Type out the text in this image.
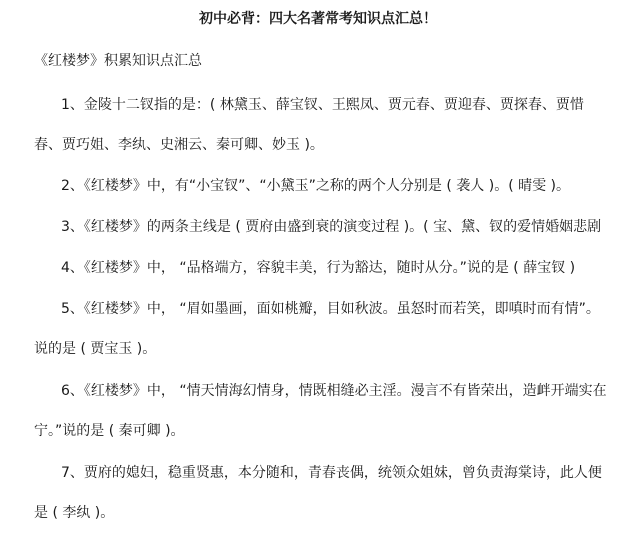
初中必背：四大名著常考知识点汇总！
《红楼梦》积累知识点汇总
1、金陵十二钗指的是：( 林黛玉、薛宝钗、王熙凤、贾元春、贾迎春、贾探春、贾惜
春、贾巧姐、李纨、史湘云、秦可卿、妙玉 )。
2、《红楼梦》中，有“小宝钗”、“小黛玉”之称的两个人分别是 ( 袭人 )。( 晴雯 )。
3、《红楼梦》的两条主线是 ( 贾府由盛到衰的演变过程 )。( 宝、黛、钗的爱情婚姻悲剧
4、《红楼梦》中， “品格端方，容貌丰美，行为豁达，随时从分。”说的是 ( 薛宝钗 )
5、《红楼梦》中， “眉如墨画，面如桃瓣，目如秋波。虽怒时而若笑，即嗔时而有情”。
说的是 ( 贾宝玉 )。
6、《红楼梦》中， “情天情海幻情身，情既相缝必主淫。漫言不有皆荣出，造衅开端实在
宁。”说的是 ( 秦可卿 )。
7、贾府的媳妇，稳重贤惠，本分随和，青春丧偶，统领众姐妹，曾负责海棠诗，此人便
是 ( 李纨 )。
